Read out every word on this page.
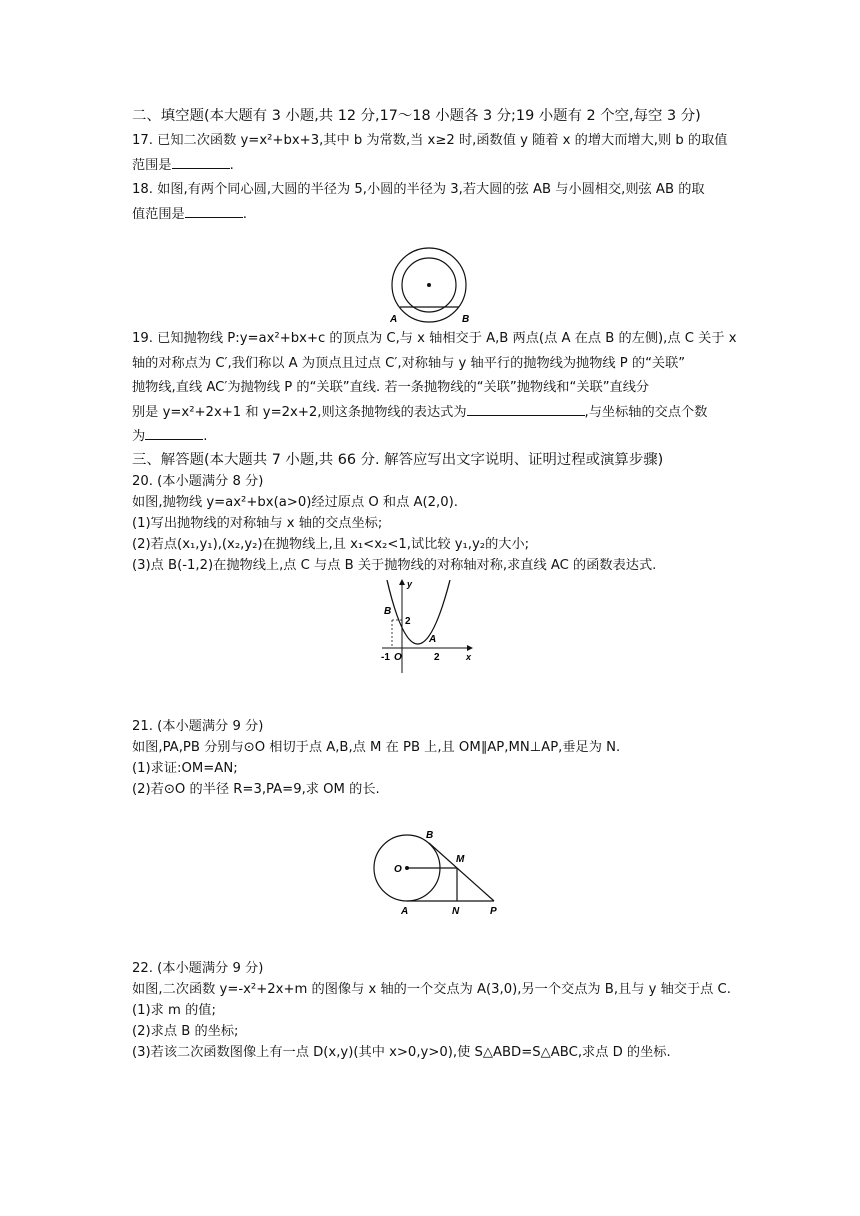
二、填空题(本大题有 3 小题,共 12 分,17～18 小题各 3 分;19 小题有 2 个空,每空 3 分)
17. 已知二次函数 y=x²+bx+3,其中 b 为常数,当 x≥2 时,函数值 y 随着 x 的增大而增大,则 b 的取值
范围是	.
18. 如图,有两个同心圆,大圆的半径为 5,小圆的半径为 3,若大圆的弦 AB 与小圆相交,则弦 AB 的取
值范围是	.
A	B
19. 已知抛物线 P:y=ax²+bx+c 的顶点为 C,与 x 轴相交于 A,B 两点(点 A 在点 B 的左侧),点 C 关于 x
轴的对称点为 C′,我们称以 A 为顶点且过点 C′,对称轴与 y 轴平行的抛物线为抛物线 P 的“关联”
抛物线,直线 AC′为抛物线 P 的“关联”直线. 若一条抛物线的“关联”抛物线和“关联”直线分
别是 y=x²+2x+1 和 y=2x+2,则这条抛物线的表达式为	,与坐标轴的交点个数
为	.
三、解答题(本大题共 7 小题,共 66 分. 解答应写出文字说明、证明过程或演算步骤)
20. (本小题满分 8 分)
如图,抛物线 y=ax²+bx(a>0)经过原点 O 和点 A(2,0).
(1)写出抛物线的对称轴与 x 轴的交点坐标;
(2)若点(x₁,y₁),(x₂,y₂)在抛物线上,且 x₁<x₂<1,试比较 y₁,y₂的大小;
(3)点 B(-1,2)在抛物线上,点 C 与点 B 关于抛物线的对称轴对称,求直线 AC 的函数表达式.
y
x
B
2
A
-1 O	2
21. (本小题满分 9 分)
如图,PA,PB 分别与⊙O 相切于点 A,B,点 M 在 PB 上,且 OM∥AP,MN⊥AP,垂足为 N.
(1)求证:OM=AN;
(2)若⊙O 的半径 R=3,PA=9,求 OM 的长.
O
B
M
A	N	P
22. (本小题满分 9 分)
如图,二次函数 y=-x²+2x+m 的图像与 x 轴的一个交点为 A(3,0),另一个交点为 B,且与 y 轴交于点 C.
(1)求 m 的值;
(2)求点 B 的坐标;
(3)若该二次函数图像上有一点 D(x,y)(其中 x>0,y>0),使 S△ABD=S△ABC,求点 D 的坐标.
